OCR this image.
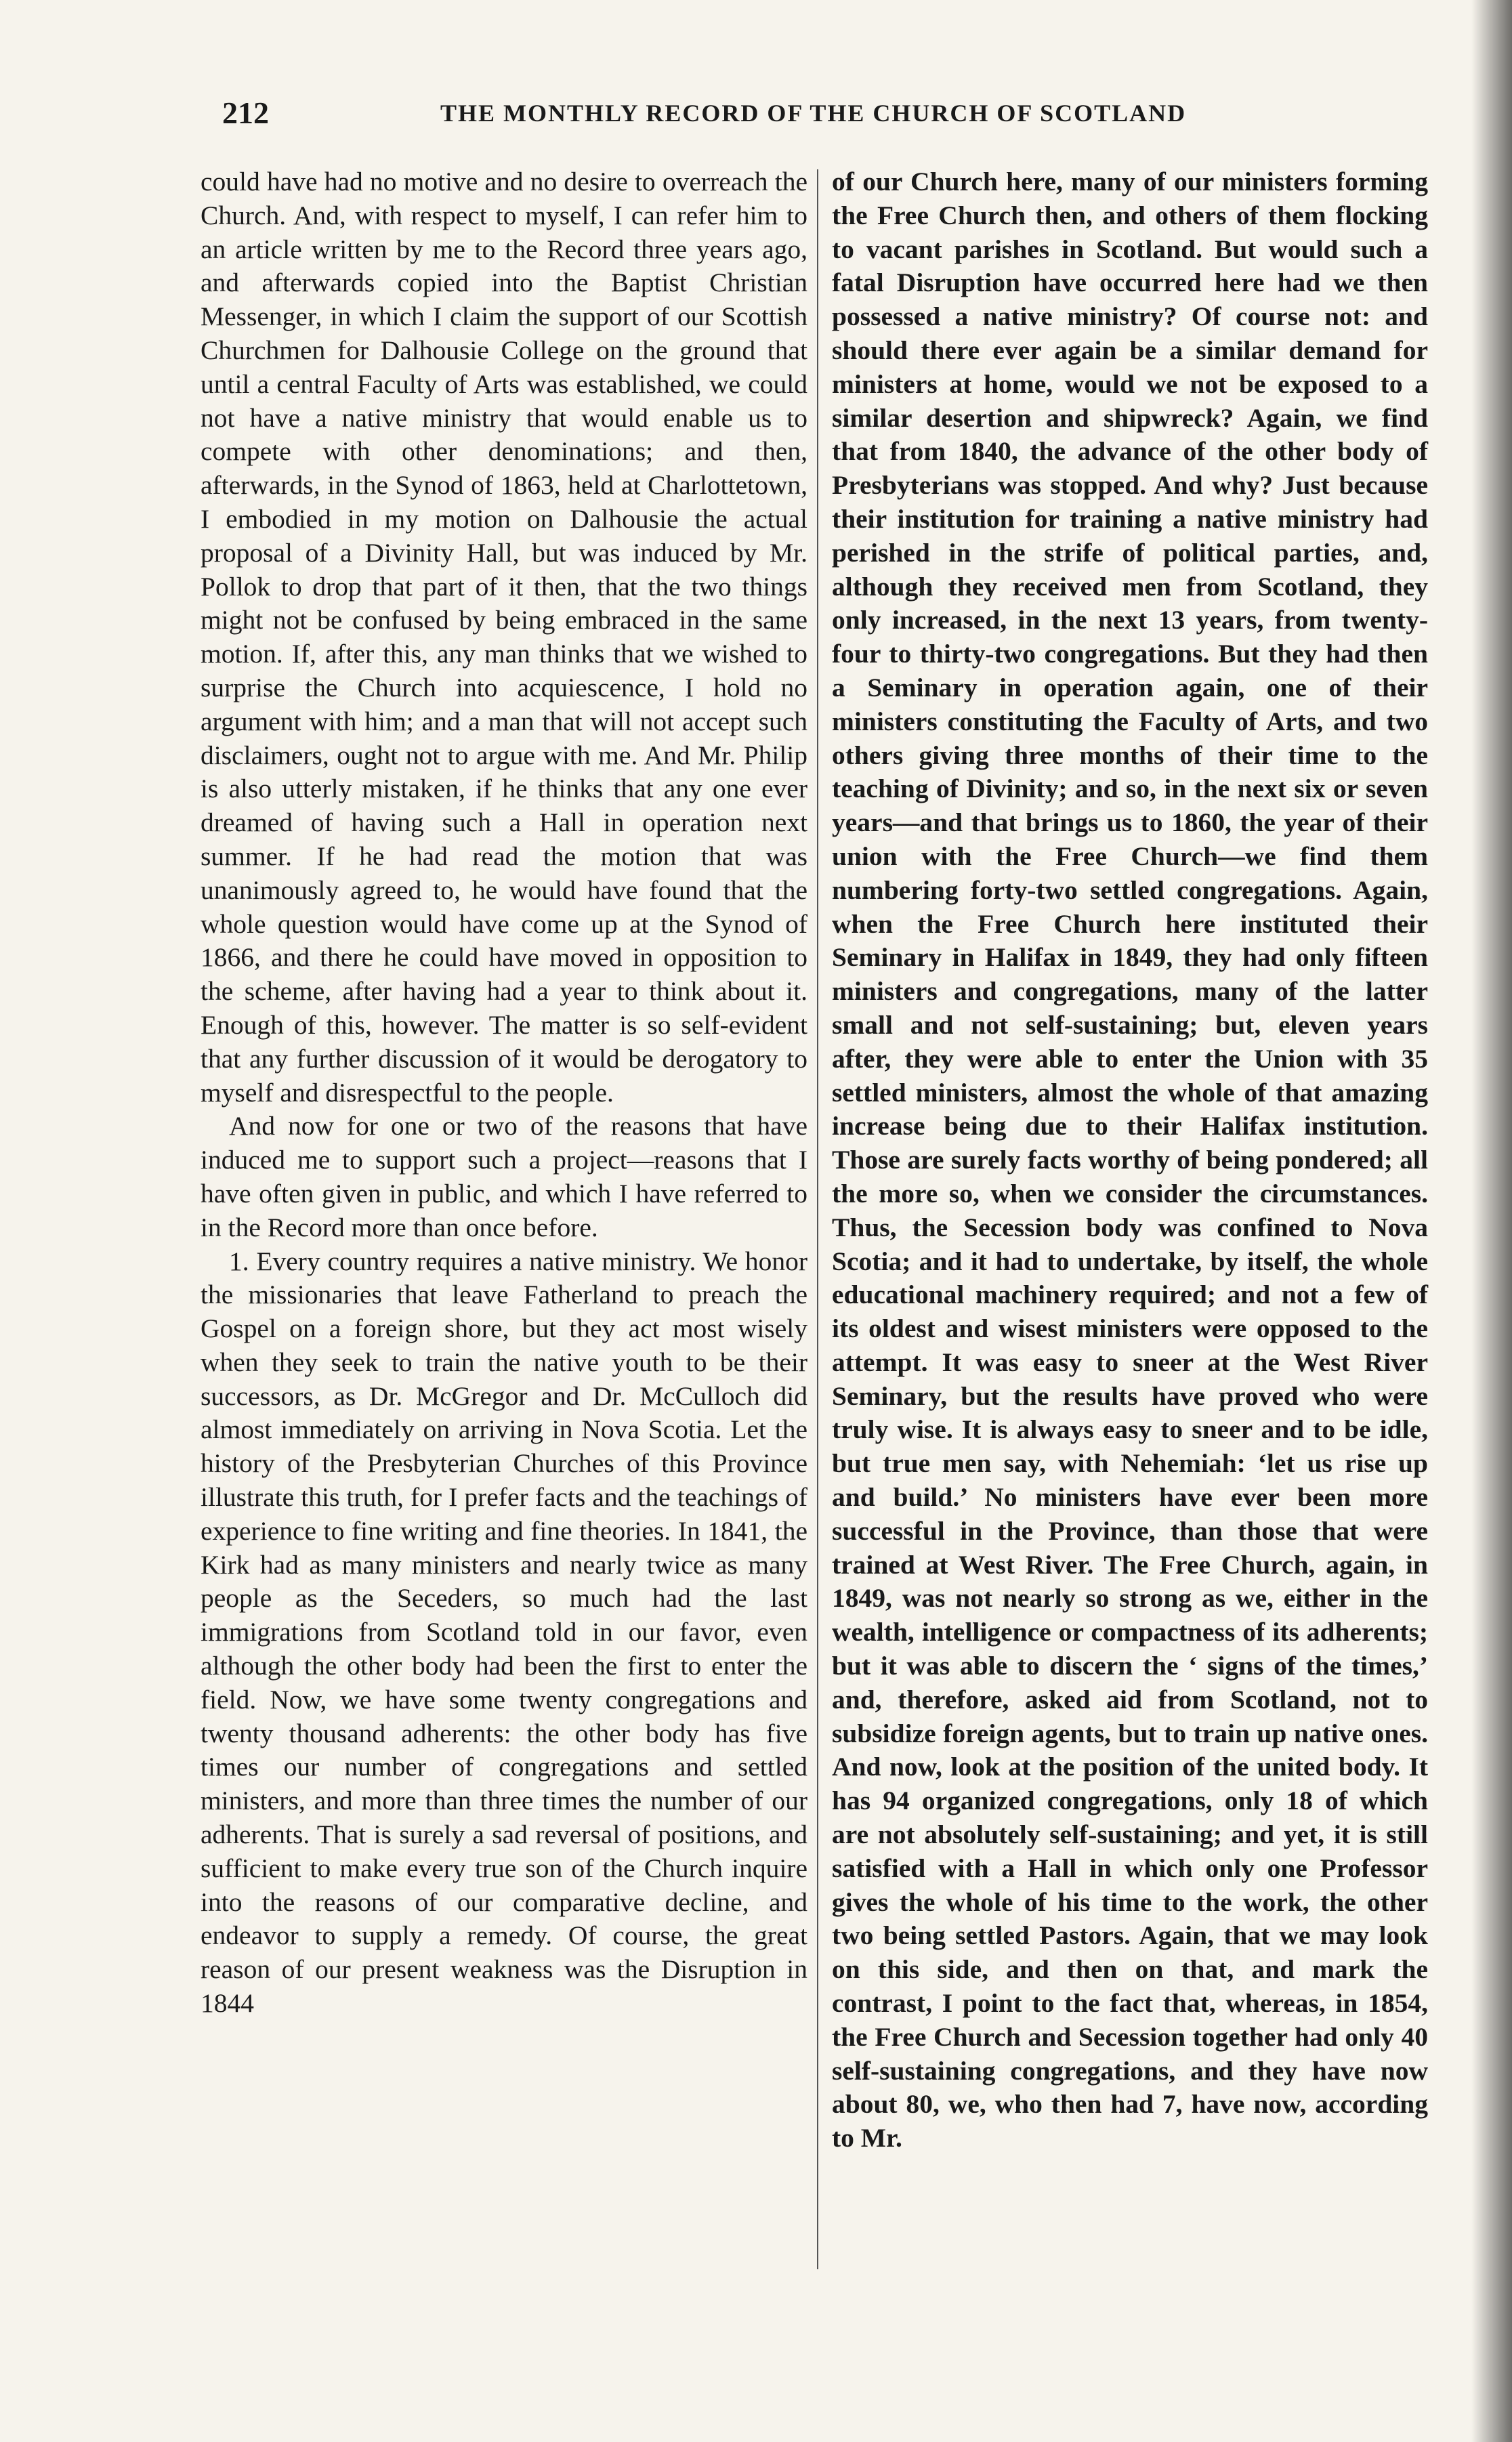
212	THE MONTHLY RECORD OF THE CHURCH OF SCOTLAND

could have had no motive and no desire to overreach the Church. And, with respect to myself, I can refer him to an article written by me to the Record three years ago, and afterwards copied into the Baptist Christian Messenger, in which I claim the support of our Scottish Churchmen for Dalhousie College on the ground that until a central Faculty of Arts was established, we could not have a native ministry that would enable us to compete with other denominations; and then, afterwards, in the Synod of 1863, held at Charlottetown, I embodied in my motion on Dalhousie the actual proposal of a Divinity Hall, but was induced by Mr. Pollok to drop that part of it then, that the two things might not be confused by being embraced in the same motion. If, after this, any man thinks that we wished to surprise the Church into acquiescence, I hold no argument with him; and a man that will not accept such disclaimers, ought not to argue with me. And Mr. Philip is also utterly mistaken, if he thinks that any one ever dreamed of having such a Hall in operation next summer. If he had read the motion that was unanimously agreed to, he would have found that the whole question would have come up at the Synod of 1866, and there he could have moved in opposition to the scheme, after having had a year to think about it. Enough of this, however. The matter is so self-evident that any further discussion of it would be derogatory to myself and disrespectful to the people.

And now for one or two of the reasons that have induced me to support such a project—reasons that I have often given in public, and which I have referred to in the Record more than once before.

1. Every country requires a native ministry. We honor the missionaries that leave Fatherland to preach the Gospel on a foreign shore, but they act most wisely when they seek to train the native youth to be their successors, as Dr. McGregor and Dr. McCulloch did almost immediately on arriving in Nova Scotia. Let the history of the Presbyterian Churches of this Province illustrate this truth, for I prefer facts and the teachings of experience to fine writing and fine theories. In 1841, the Kirk had as many ministers and nearly twice as many people as the Seceders, so much had the last immigrations from Scotland told in our favor, even although the other body had been the first to enter the field. Now, we have some twenty congregations and twenty thousand adherents: the other body has five times our number of congregations and settled ministers, and more than three times the number of our adherents. That is surely a sad reversal of positions, and sufficient to make every true son of the Church inquire into the reasons of our comparative decline, and endeavor to supply a remedy. Of course, the great reason of our present weakness was the Disruption in 1844

of our Church here, many of our ministers forming the Free Church then, and others of them flocking to vacant parishes in Scotland. But would such a fatal Disruption have occurred here had we then possessed a native ministry? Of course not: and should there ever again be a similar demand for ministers at home, would we not be exposed to a similar desertion and shipwreck? Again, we find that from 1840, the advance of the other body of Presbyterians was stopped. And why? Just because their institution for training a native ministry had perished in the strife of political parties, and, although they received men from Scotland, they only increased, in the next 13 years, from twenty-four to thirty-two congregations. But they had then a Seminary in operation again, one of their ministers constituting the Faculty of Arts, and two others giving three months of their time to the teaching of Divinity; and so, in the next six or seven years—and that brings us to 1860, the year of their union with the Free Church—we find them numbering forty-two settled congregations. Again, when the Free Church here instituted their Seminary in Halifax in 1849, they had only fifteen ministers and congregations, many of the latter small and not self-sustaining; but, eleven years after, they were able to enter the Union with 35 settled ministers, almost the whole of that amazing increase being due to their Halifax institution. Those are surely facts worthy of being pondered; all the more so, when we consider the circumstances. Thus, the Secession body was confined to Nova Scotia; and it had to undertake, by itself, the whole educational machinery required; and not a few of its oldest and wisest ministers were opposed to the attempt. It was easy to sneer at the West River Seminary, but the results have proved who were truly wise. It is always easy to sneer and to be idle, but true men say, with Nehemiah: ‘let us rise up and build.’ No ministers have ever been more successful in the Province, than those that were trained at West River. The Free Church, again, in 1849, was not nearly so strong as we, either in the wealth, intelligence or compactness of its adherents; but it was able to discern the ‘ signs of the times,’ and, therefore, asked aid from Scotland, not to subsidize foreign agents, but to train up native ones. And now, look at the position of the united body. It has 94 organized congregations, only 18 of which are not absolutely self-sustaining; and yet, it is still satisfied with a Hall in which only one Professor gives the whole of his time to the work, the other two being settled Pastors. Again, that we may look on this side, and then on that, and mark the contrast, I point to the fact that, whereas, in 1854, the Free Church and Secession together had only 40 self-sustaining congregations, and they have now about 80, we, who then had 7, have now, according to Mr.
